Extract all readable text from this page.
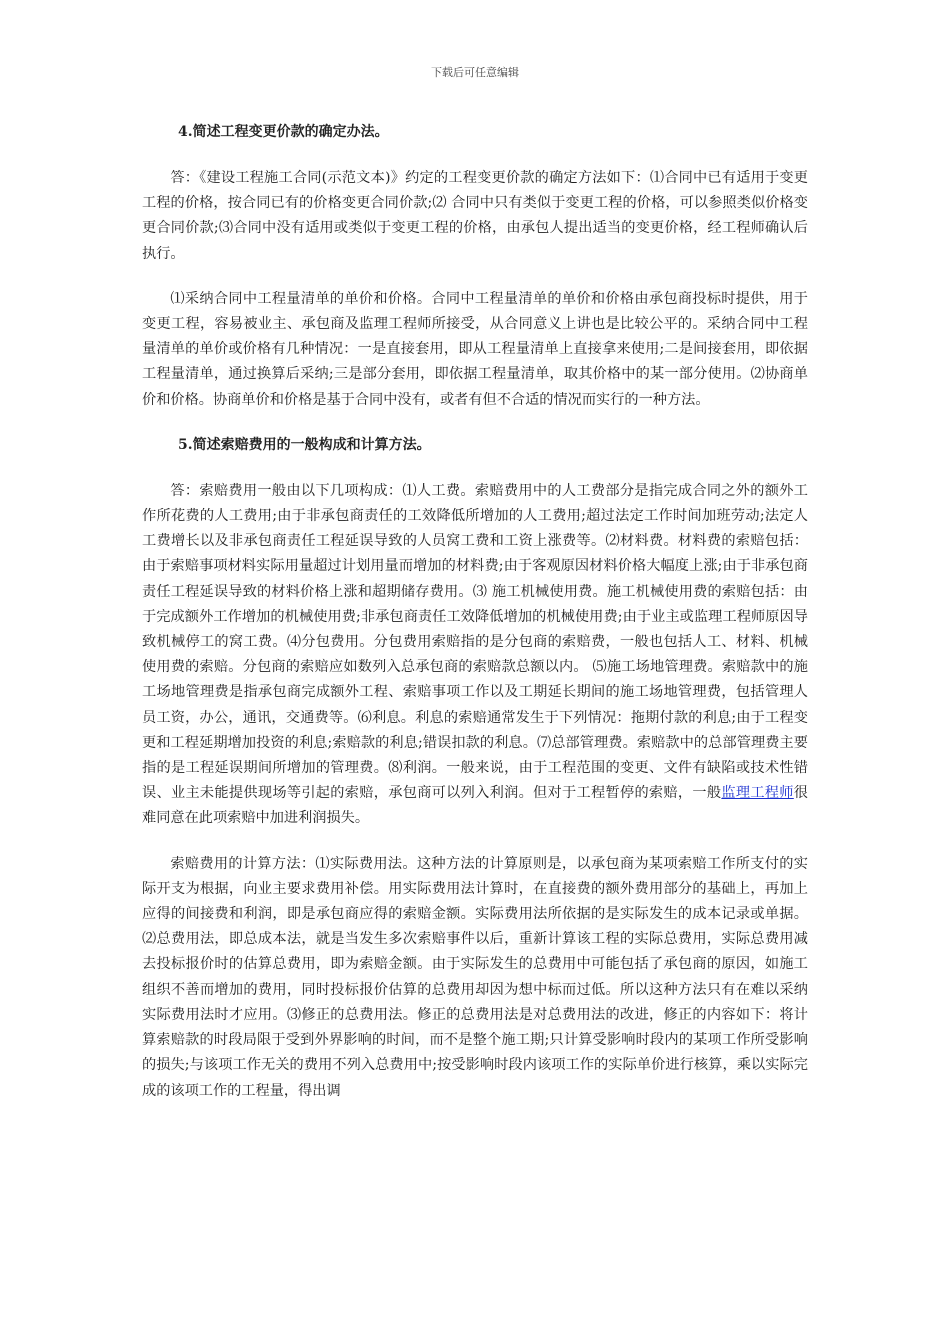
下载后可任意编辑

4.简述工程变更价款的确定办法。

答：《建设工程施工合同(示范文本)》约定的工程变更价款的确定方法如下：⑴合同中已有适用于变更工程的价格，按合同已有的价格变更合同价款;⑵ 合同中只有类似于变更工程的价格，可以参照类似价格变更合同价款;⑶合同中没有适用或类似于变更工程的价格，由承包人提出适当的变更价格，经工程师确认后执行。

⑴采纳合同中工程量清单的单价和价格。合同中工程量清单的单价和价格由承包商投标时提供，用于变更工程，容易被业主、承包商及监理工程师所接受，从合同意义上讲也是比较公平的。采纳合同中工程量清单的单价或价格有几种情况：一是直接套用，即从工程量清单上直接拿来使用;二是间接套用，即依据工程量清单，通过换算后采纳;三是部分套用，即依据工程量清单，取其价格中的某一部分使用。⑵协商单价和价格。协商单价和价格是基于合同中没有，或者有但不合适的情况而实行的一种方法。

5.简述索赔费用的一般构成和计算方法。

答：索赔费用一般由以下几项构成：⑴人工费。索赔费用中的人工费部分是指完成合同之外的额外工作所花费的人工费用;由于非承包商责任的工效降低所增加的人工费用;超过法定工作时间加班劳动;法定人工费增长以及非承包商责任工程延误导致的人员窝工费和工资上涨费等。⑵材料费。材料费的索赔包括：由于索赔事项材料实际用量超过计划用量而增加的材料费;由于客观原因材料价格大幅度上涨;由于非承包商责任工程延误导致的材料价格上涨和超期储存费用。⑶ 施工机械使用费。施工机械使用费的索赔包括：由于完成额外工作增加的机械使用费;非承包商责任工效降低增加的机械使用费;由于业主或监理工程师原因导致机械停工的窝工费。⑷分包费用。分包费用索赔指的是分包商的索赔费，一般也包括人工、材料、机械使用费的索赔。分包商的索赔应如数列入总承包商的索赔款总额以内。 ⑸施工场地管理费。索赔款中的施工场地管理费是指承包商完成额外工程、索赔事项工作以及工期延长期间的施工场地管理费，包括管理人员工资，办公，通讯，交通费等。⑹利息。利息的索赔通常发生于下列情况：拖期付款的利息;由于工程变更和工程延期增加投资的利息;索赔款的利息;错误扣款的利息。⑺总部管理费。索赔款中的总部管理费主要指的是工程延误期间所增加的管理费。⑻利润。一般来说，由于工程范围的变更、文件有缺陷或技术性错误、业主未能提供现场等引起的索赔，承包商可以列入利润。但对于工程暂停的索赔，一般监理工程师很难同意在此项索赔中加进利润损失。

索赔费用的计算方法：⑴实际费用法。这种方法的计算原则是，以承包商为某项索赔工作所支付的实际开支为根据，向业主要求费用补偿。用实际费用法计算时，在直接费的额外费用部分的基础上，再加上应得的间接费和利润，即是承包商应得的索赔金额。实际费用法所依据的是实际发生的成本记录或单据。⑵总费用法，即总成本法，就是当发生多次索赔事件以后，重新计算该工程的实际总费用，实际总费用减去投标报价时的估算总费用，即为索赔金额。由于实际发生的总费用中可能包括了承包商的原因，如施工组织不善而增加的费用，同时投标报价估算的总费用却因为想中标而过低。所以这种方法只有在难以采纳实际费用法时才应用。⑶修正的总费用法。修正的总费用法是对总费用法的改进，修正的内容如下：将计算索赔款的时段局限于受到外界影响的时间，而不是整个施工期;只计算受影响时段内的某项工作所受影响的损失;与该项工作无关的费用不列入总费用中;按受影响时段内该项工作的实际单价进行核算，乘以实际完成的该项工作的工程量，得出调
